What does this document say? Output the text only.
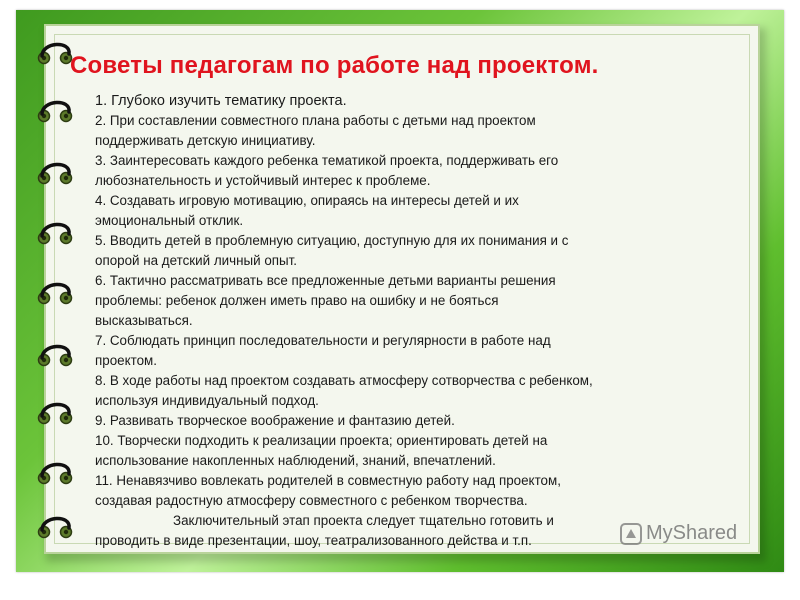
Советы педагогам по работе над проектом.
1. Глубоко изучить тематику проекта.
2. При составлении совместного плана работы с детьми над проектом
поддерживать детскую инициативу.
3. Заинтересовать каждого ребенка тематикой проекта, поддерживать его
любознательность и устойчивый интерес к проблеме.
4. Создавать игровую мотивацию, опираясь на интересы детей и их
эмоциональный отклик.
5. Вводить детей в проблемную ситуацию, доступную для их понимания и с
опорой на детский личный опыт.
6. Тактично рассматривать все предложенные детьми варианты решения
проблемы: ребенок должен иметь право на ошибку и не бояться
высказываться.
7. Соблюдать принцип последовательности и регулярности в работе над
проектом.
8. В ходе работы над проектом создавать атмосферу сотворчества с ребенком,
используя индивидуальный подход.
9. Развивать творческое воображение и фантазию детей.
10. Творчески подходить к реализации проекта; ориентировать детей на
использование накопленных наблюдений, знаний, впечатлений.
11. Ненавязчиво вовлекать родителей в совместную работу над проектом,
создавая радостную атмосферу совместного с ребенком творчества.
Заключительный этап проекта следует тщательно готовить и
проводить в виде презентации, шоу, театрализованного действа и т.п.	MyShared
